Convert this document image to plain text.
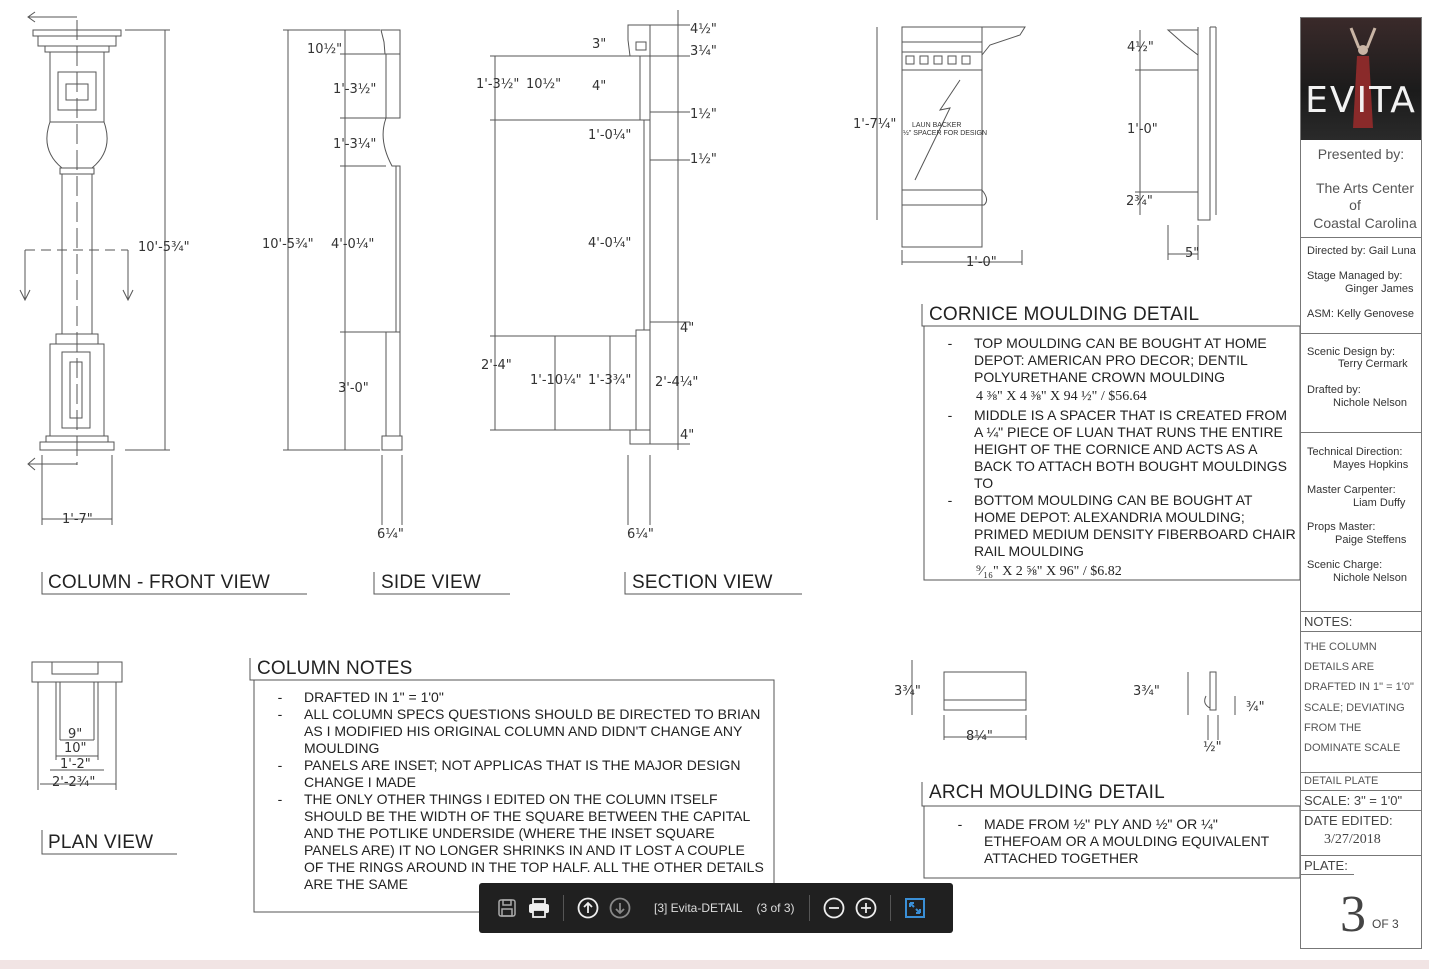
COLUMN - FRONT VIEW	SIDE VIEW	SECTION VIEW
PLAN VIEW
COLUMN NOTES
CORNICE MOULDING DETAIL
ARCH MOULDING DETAIL
10'-5¾"
1'-7"
10'-5¾"
10½"
1'-3½"
1'-3¼"
4'-0¼"
3'-0"
6¼"
4½"
3¼"
3"
1'-3½" 10½" 4"
1½"
1'-0¼"
1½"
4'-0¼"
4"
2'-4"
1'-10¼" 1'-3¾" 2'-4¼"
4"
6¼"
9"
10"
1'-2"
2'-2¾"
1'-7¼"
1'-0"
LAUN BACKER
½" SPACER FOR DESIGN
4½"
1'-0"
2¾"
5"
3¾"
8¼"
3¾"
¾"
½"
-	DRAFTED IN 1" = 1'0"
-	ALL COLUMN SPECS QUESTIONS SHOULD BE DIRECTED TO BRIAN AS I MODIFIED HIS ORIGINAL COLUMN AND DIDN'T CHANGE ANY MOULDING
-	PANELS ARE INSET; NOT APPLICAS THAT IS THE MAJOR DESIGN CHANGE I MADE
-	THE ONLY OTHER THINGS I EDITED ON THE COLUMN ITSELF SHOULD BE THE WIDTH OF THE SQUARE BETWEEN THE CAPITAL AND THE POTLIKE UNDERSIDE (WHERE THE INSET SQUARE PANELS ARE) IT NO LONGER SHRINKS IN AND IT LOST A COUPLE OF THE RINGS AROUND IN THE TOP HALF. ALL THE OTHER DETAILS ARE THE SAME
-	TOP MOULDING CAN BE BOUGHT AT HOME DEPOT: AMERICAN PRO DECOR; DENTIL POLYURETHANE CROWN MOULDING
4 ⅜" X 4 ⅜" X 94 ½" / $56.64
-	MIDDLE IS A SPACER THAT IS CREATED FROM A ¼" PIECE OF LUAN THAT RUNS THE ENTIRE HEIGHT OF THE CORNICE AND ACTS AS A BACK TO ATTACH BOTH BOUGHT MOULDINGS TO
-	BOTTOM MOULDING CAN BE BOUGHT AT HOME DEPOT: ALEXANDRIA MOULDING; PRIMED MEDIUM DENSITY FIBERBOARD CHAIR RAIL MOULDING
⁹⁄₁₆" X 2 ⅝" X 96" / $6.82
-	MADE FROM ½" PLY AND ½" OR ¼" ETHEFOAM OR A MOULDING EQUIVALENT ATTACHED TOGETHER
EVITA
Presented by:
The Arts Center
of
Coastal Carolina
Directed by: Gail Luna
Stage Managed by:
Ginger James
ASM: Kelly Genovese
Scenic Design by:
Terry Cermark
Drafted by:
Nichole Nelson
Technical Direction:
Mayes Hopkins
Master Carpenter:
Liam Duffy
Props Master:
Paige Steffens
Scenic Charge:
Nichole Nelson
NOTES:
THE COLUMN
DETAILS ARE
DRAFTED IN 1" = 1'0"
SCALE; DEVIATING
FROM THE
DOMINATE SCALE
DETAIL PLATE
SCALE: 3" = 1'0"
DATE EDITED:
3/27/2018
PLATE:
3 OF 3
[3] Evita-DETAIL (3 of 3)
